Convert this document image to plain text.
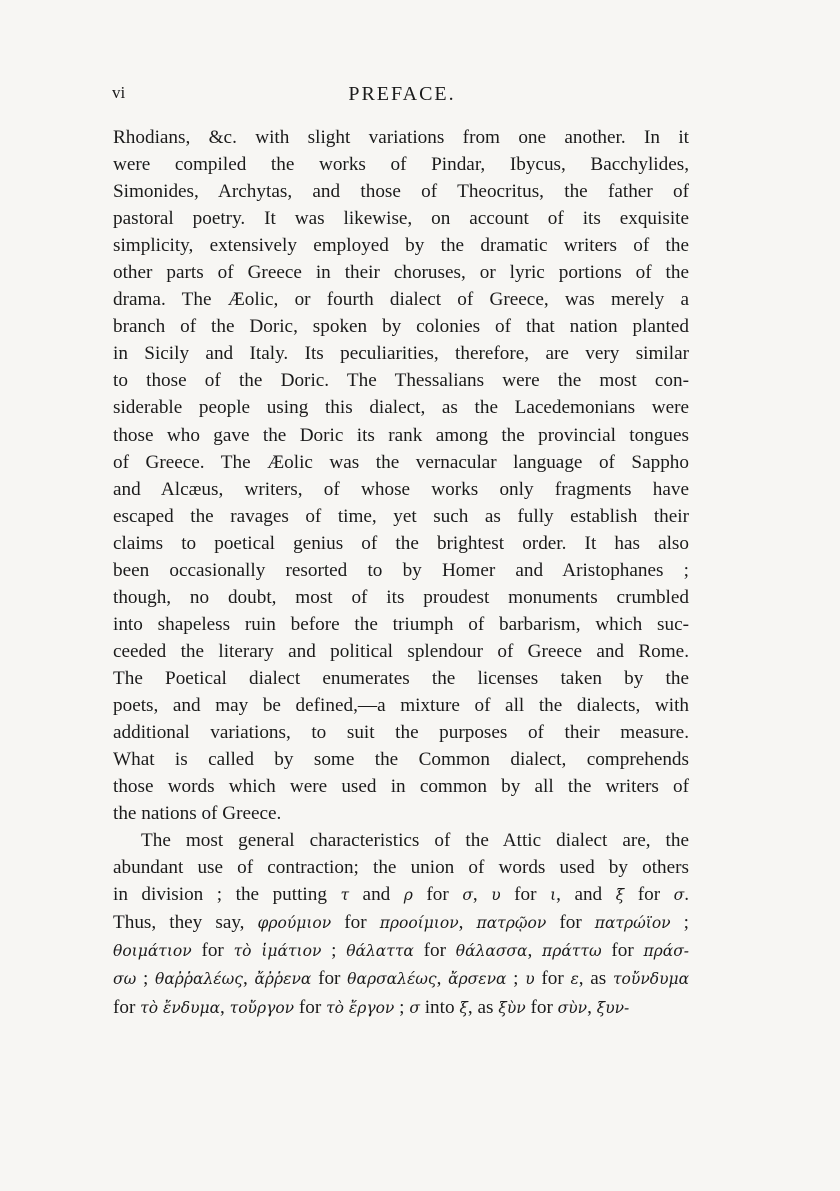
vi	PREFACE.
Rhodians, &c. with slight variations from one another. In it
were compiled the works of Pindar, Ibycus, Bacchylides,
Simonides, Archytas, and those of Theocritus, the father of
pastoral poetry. It was likewise, on account of its exquisite
simplicity, extensively employed by the dramatic writers of the
other parts of Greece in their choruses, or lyric portions of the
drama. The Æolic, or fourth dialect of Greece, was merely a
branch of the Doric, spoken by colonies of that nation planted
in Sicily and Italy. Its peculiarities, therefore, are very similar
to those of the Doric. The Thessalians were the most con-
siderable people using this dialect, as the Lacedemonians were
those who gave the Doric its rank among the provincial tongues
of Greece. The Æolic was the vernacular language of Sappho
and Alcæus, writers, of whose works only fragments have
escaped the ravages of time, yet such as fully establish their
claims to poetical genius of the brightest order. It has also
been occasionally resorted to by Homer and Aristophanes ;
though, no doubt, most of its proudest monuments crumbled
into shapeless ruin before the triumph of barbarism, which suc-
ceeded the literary and political splendour of Greece and Rome.
The Poetical dialect enumerates the licenses taken by the
poets, and may be defined,—a mixture of all the dialects, with
additional variations, to suit the purposes of their measure.
What is called by some the Common dialect, comprehends
those words which were used in common by all the writers of
the nations of Greece.
The most general characteristics of the Attic dialect are, the
abundant use of contraction; the union of words used by others
in division ; the putting τ and ρ for σ, υ for ι, and ξ for σ.
Thus, they say, φρούμιον for προοίμιον, πατρῷον for πατρώϊον ;
θοιμάτιον for τὸ ἱμάτιον ; θάλαττα for θάλασσα, πράττω for πράσ-
σω ; θαῤῥαλέως, ἄῤῥενα for θαρσαλέως, ἄρσενα ; υ for ε, as τοὔνδυμα
for τὸ ἔνδυμα, τοὔργον for τὸ ἔργον ; σ into ξ, as ξὺν for σὺν, ξυν-
